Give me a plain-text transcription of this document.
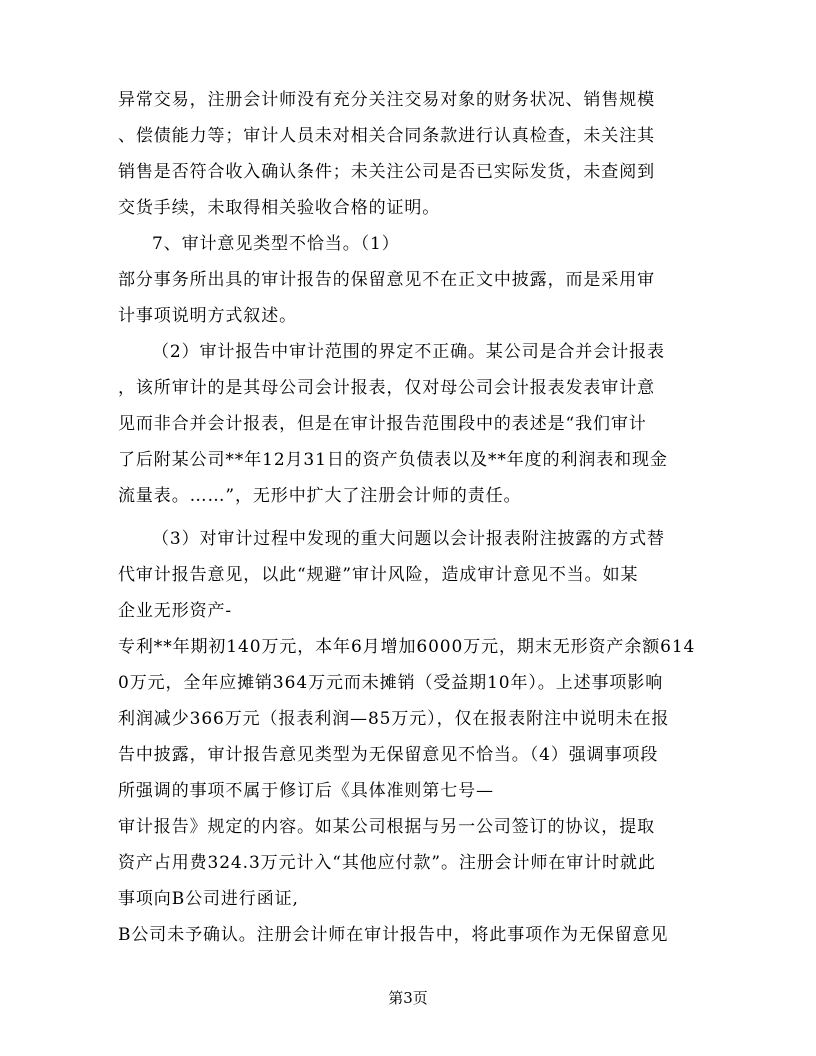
异常交易，注册会计师没有充分关注交易对象的财务状况、销售规模
、偿债能力等；审计人员未对相关合同条款进行认真检查，未关注其
销售是否符合收入确认条件；未关注公司是否已实际发货，未查阅到
交货手续，未取得相关验收合格的证明。
7、审计意见类型不恰当。（1）
部分事务所出具的审计报告的保留意见不在正文中披露，而是采用审
计事项说明方式叙述。
（2）审计报告中审计范围的界定不正确。某公司是合并会计报表
，该所审计的是其母公司会计报表，仅对母公司会计报表发表审计意
见而非合并会计报表，但是在审计报告范围段中的表述是“我们审计
了后附某公司**年12月31日的资产负债表以及**年度的利润表和现金
流量表。……”，无形中扩大了注册会计师的责任。
（3）对审计过程中发现的重大问题以会计报表附注披露的方式替
代审计报告意见，以此“规避”审计风险，造成审计意见不当。如某
企业无形资产-
专利**年期初140万元，本年6月增加6000万元，期末无形资产余额614
0万元，全年应摊销364万元而未摊销（受益期10年）。上述事项影响
利润减少366万元（报表利润—85万元），仅在报表附注中说明未在报
告中披露，审计报告意见类型为无保留意见不恰当。（4）强调事项段
所强调的事项不属于修订后《具体准则第七号—
审计报告》规定的内容。如某公司根据与另一公司签订的协议，提取
资产占用费324.3万元计入“其他应付款”。注册会计师在审计时就此
事项向B公司进行函证,
B公司未予确认。注册会计师在审计报告中，将此事项作为无保留意见
第3页
